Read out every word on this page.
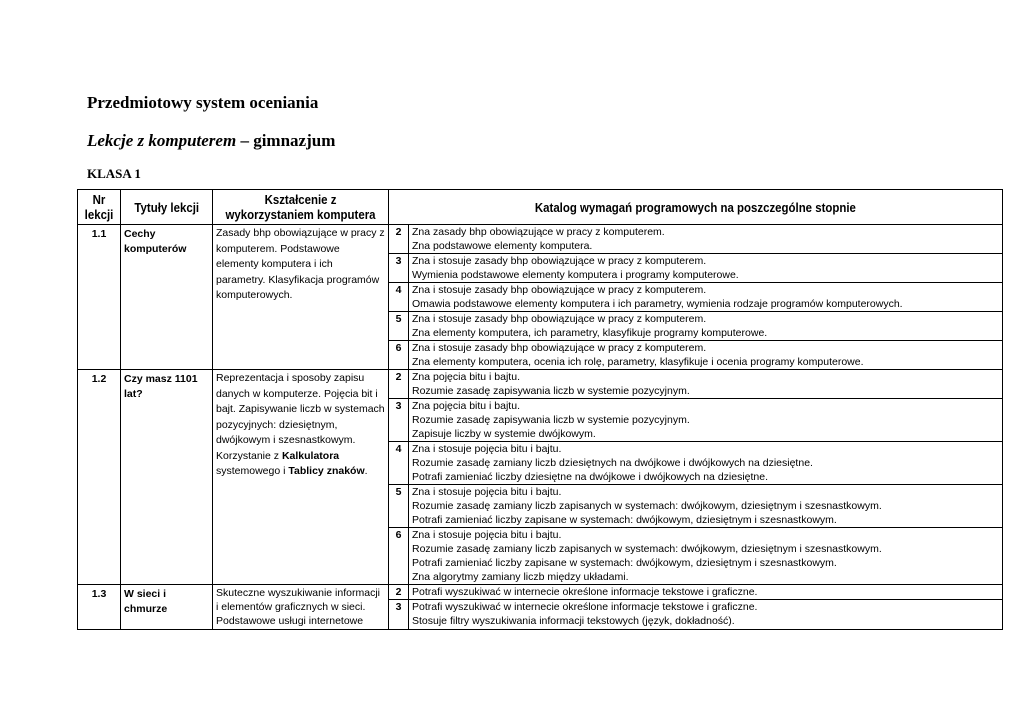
Przedmiotowy system oceniania
Lekcje z komputerem – gimnazjum
KLASA 1
Nr lekcji	Tytuły lekcji	Kształcenie z wykorzystaniem komputera	Katalog wymagań programowych na poszczególne stopnie	
1.1	Cechy komputerów	Zasady bhp obowiązujące w pracy z komputerem. Podstawowe elementy komputera i ich parametry. Klasyfikacja programów komputerowych.	2	Zna zasady bhp obowiązujące w pracy z komputerem.
Zna podstawowe elementy komputera.

			3	Zna i stosuje zasady bhp obowiązujące w pracy z komputerem.
Wymienia podstawowe elementy komputera i programy komputerowe.

			4	Zna i stosuje zasady bhp obowiązujące w pracy z komputerem.
Omawia podstawowe elementy komputera i ich parametry, wymienia rodzaje programów komputerowych.

			5	Zna i stosuje zasady bhp obowiązujące w pracy z komputerem.
Zna elementy komputera, ich parametry, klasyfikuje programy komputerowe.

			6	Zna i stosuje zasady bhp obowiązujące w pracy z komputerem.
Zna elementy komputera, ocenia ich rolę, parametry, klasyfikuje i ocenia programy komputerowe.

1.2	Czy masz 1101 lat?	Reprezentacja i sposoby zapisu danych w komputerze. Pojęcia bit i bajt. Zapisywanie liczb w systemach pozycyjnych: dziesiętnym, dwójkowym i szesnastkowym. Korzystanie z Kalkulatora systemowego i Tablicy znaków.	2	Zna pojęcia bitu i bajtu.
Rozumie zasadę zapisywania liczb w systemie pozycyjnym.

			3	Zna pojęcia bitu i bajtu.
Rozumie zasadę zapisywania liczb w systemie pozycyjnym.
Zapisuje liczby w systemie dwójkowym.

			4	Zna i stosuje pojęcia bitu i bajtu.
Rozumie zasadę zamiany liczb dziesiętnych na dwójkowe i dwójkowych na dziesiętne.
Potrafi zamieniać liczby dziesiętne na dwójkowe i dwójkowych na dziesiętne.

			5	Zna i stosuje pojęcia bitu i bajtu.
Rozumie zasadę zamiany liczb zapisanych w systemach: dwójkowym, dziesiętnym i szesnastkowym.
Potrafi zamieniać liczby zapisane w systemach: dwójkowym, dziesiętnym i szesnastkowym.

			6	Zna i stosuje pojęcia bitu i bajtu.
Rozumie zasadę zamiany liczb zapisanych w systemach: dwójkowym, dziesiętnym i szesnastkowym.
Potrafi zamieniać liczby zapisane w systemach: dwójkowym, dziesiętnym i szesnastkowym.
Zna algorytmy zamiany liczb między układami.

1.3	W sieci i chmurze	Skuteczne wyszukiwanie informacji i elementów graficznych w sieci. Podstawowe usługi internetowe	2	Potrafi wyszukiwać w internecie określone informacje tekstowe i graficzne.

			3	Potrafi wyszukiwać w internecie określone informacje tekstowe i graficzne.
Stosuje filtry wyszukiwania informacji tekstowych (język, dokładność).
